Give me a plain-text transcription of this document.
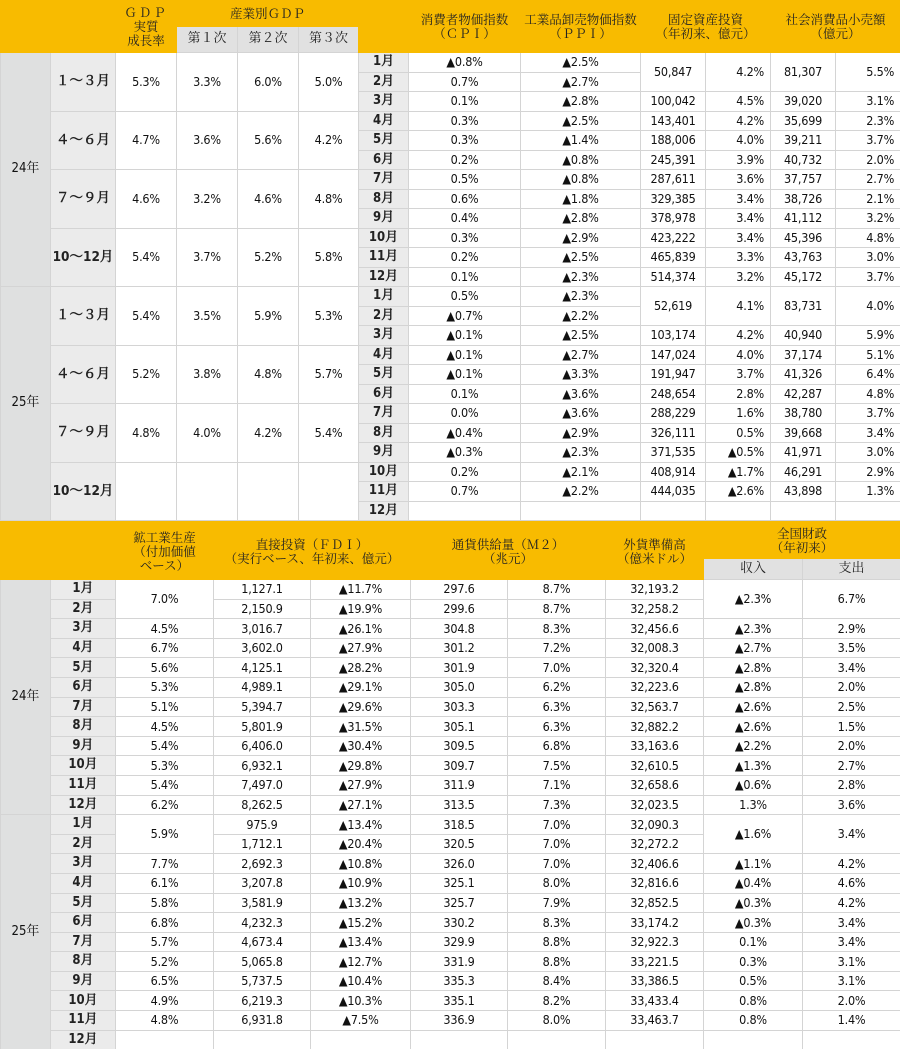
		ＧＤＰ
実質
成長率	産業別ＧＤＰ				消費者物価指数
（ＣＰＩ）	工業品卸売物価指数
（ＰＰＩ）	固定資産投資
（年初来、億元）		社会消費品小売額
（億元）	
			第１次	第２次	第３次							
24年	１～３月	5.3%	3.3%	6.0%	5.0%	1月	▲0.8%	▲2.5%	50,847	4.2%	81,307	5.5%
						2月	0.7%	▲2.7%				
						3月	0.1%	▲2.8%	100,042	4.5%	39,020	3.1%
	４～６月	4.7%	3.6%	5.6%	4.2%	4月	0.3%	▲2.5%	143,401	4.2%	35,699	2.3%
						5月	0.3%	▲1.4%	188,006	4.0%	39,211	3.7%
						6月	0.2%	▲0.8%	245,391	3.9%	40,732	2.0%
	７～９月	4.6%	3.2%	4.6%	4.8%	7月	0.5%	▲0.8%	287,611	3.6%	37,757	2.7%
						8月	0.6%	▲1.8%	329,385	3.4%	38,726	2.1%
						9月	0.4%	▲2.8%	378,978	3.4%	41,112	3.2%
	10～12月	5.4%	3.7%	5.2%	5.8%	10月	0.3%	▲2.9%	423,222	3.4%	45,396	4.8%
						11月	0.2%	▲2.5%	465,839	3.3%	43,763	3.0%
						12月	0.1%	▲2.3%	514,374	3.2%	45,172	3.7%
25年	１～３月	5.4%	3.5%	5.9%	5.3%	1月	0.5%	▲2.3%	52,619	4.1%	83,731	4.0%
						2月	▲0.7%	▲2.2%				
						3月	▲0.1%	▲2.5%	103,174	4.2%	40,940	5.9%
	４～６月	5.2%	3.8%	4.8%	5.7%	4月	▲0.1%	▲2.7%	147,024	4.0%	37,174	5.1%
						5月	▲0.1%	▲3.3%	191,947	3.7%	41,326	6.4%
						6月	0.1%	▲3.6%	248,654	2.8%	42,287	4.8%
	７～９月	4.8%	4.0%	4.2%	5.4%	7月	0.0%	▲3.6%	288,229	1.6%	38,780	3.7%
						8月	▲0.4%	▲2.9%	326,111	0.5%	39,668	3.4%
						9月	▲0.3%	▲2.3%	371,535	▲0.5%	41,971	3.0%
	10～12月					10月	0.2%	▲2.1%	408,914	▲1.7%	46,291	2.9%
						11月	0.7%	▲2.2%	444,035	▲2.6%	43,898	1.3%
						12月						
		鉱工業生産
（付加価値
ベース）	直接投資（ＦＤＩ）
（実行ベース、年初来、億元）		通貨供給量（Ｍ２）
（兆元）		外貨準備高
（億米ドル）	全国財政
（年初来）	
								収入	支出
24年	1月	7.0%	1,127.1	▲11.7%	297.6	8.7%	32,193.2	▲2.3%	6.7%
	2月		2,150.9	▲19.9%	299.6	8.7%	32,258.2		
	3月	4.5%	3,016.7	▲26.1%	304.8	8.3%	32,456.6	▲2.3%	2.9%
	4月	6.7%	3,602.0	▲27.9%	301.2	7.2%	32,008.3	▲2.7%	3.5%
	5月	5.6%	4,125.1	▲28.2%	301.9	7.0%	32,320.4	▲2.8%	3.4%
	6月	5.3%	4,989.1	▲29.1%	305.0	6.2%	32,223.6	▲2.8%	2.0%
	7月	5.1%	5,394.7	▲29.6%	303.3	6.3%	32,563.7	▲2.6%	2.5%
	8月	4.5%	5,801.9	▲31.5%	305.1	6.3%	32,882.2	▲2.6%	1.5%
	9月	5.4%	6,406.0	▲30.4%	309.5	6.8%	33,163.6	▲2.2%	2.0%
	10月	5.3%	6,932.1	▲29.8%	309.7	7.5%	32,610.5	▲1.3%	2.7%
	11月	5.4%	7,497.0	▲27.9%	311.9	7.1%	32,658.6	▲0.6%	2.8%
	12月	6.2%	8,262.5	▲27.1%	313.5	7.3%	32,023.5	1.3%	3.6%
25年	1月	5.9%	975.9	▲13.4%	318.5	7.0%	32,090.3	▲1.6%	3.4%
	2月		1,712.1	▲20.4%	320.5	7.0%	32,272.2		
	3月	7.7%	2,692.3	▲10.8%	326.0	7.0%	32,406.6	▲1.1%	4.2%
	4月	6.1%	3,207.8	▲10.9%	325.1	8.0%	32,816.6	▲0.4%	4.6%
	5月	5.8%	3,581.9	▲13.2%	325.7	7.9%	32,852.5	▲0.3%	4.2%
	6月	6.8%	4,232.3	▲15.2%	330.2	8.3%	33,174.2	▲0.3%	3.4%
	7月	5.7%	4,673.4	▲13.4%	329.9	8.8%	32,922.3	0.1%	3.4%
	8月	5.2%	5,065.8	▲12.7%	331.9	8.8%	33,221.5	0.3%	3.1%
	9月	6.5%	5,737.5	▲10.4%	335.3	8.4%	33,386.5	0.5%	3.1%
	10月	4.9%	6,219.3	▲10.3%	335.1	8.2%	33,433.4	0.8%	2.0%
	11月	4.8%	6,931.8	▲7.5%	336.9	8.0%	33,463.7	0.8%	1.4%
	12月								
